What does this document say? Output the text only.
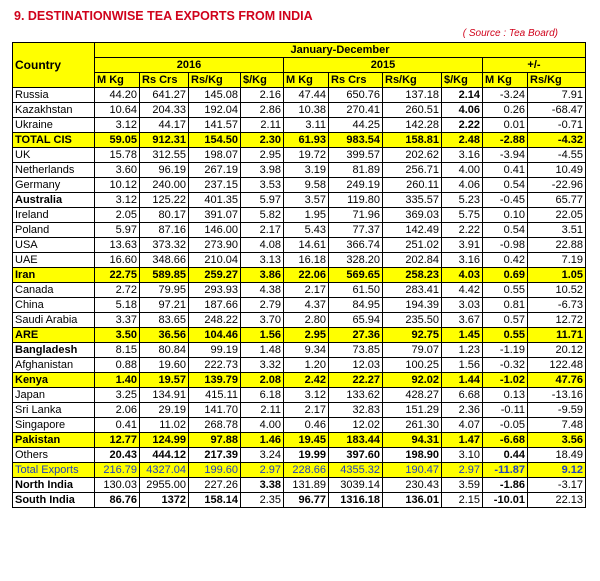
9. DESTINATIONWISE TEA EXPORTS FROM INDIA
( Source : Tea Board)
Country	January-December									
	2016				2015				+/-	
	M Kg	Rs Crs	Rs/Kg	$/Kg	M Kg	Rs Crs	Rs/Kg	$/Kg	M Kg	Rs/Kg
Russia	44.20	641.27	145.08	2.16	47.44	650.76	137.18	2.14	-3.24	7.91
Kazakhstan	10.64	204.33	192.04	2.86	10.38	270.41	260.51	4.06	0.26	-68.47
Ukraine	3.12	44.17	141.57	2.11	3.11	44.25	142.28	2.22	0.01	-0.71
TOTAL CIS	59.05	912.31	154.50	2.30	61.93	983.54	158.81	2.48	-2.88	-4.32
UK	15.78	312.55	198.07	2.95	19.72	399.57	202.62	3.16	-3.94	-4.55
Netherlands	3.60	96.19	267.19	3.98	3.19	81.89	256.71	4.00	0.41	10.49
Germany	10.12	240.00	237.15	3.53	9.58	249.19	260.11	4.06	0.54	-22.96
Australia	3.12	125.22	401.35	5.97	3.57	119.80	335.57	5.23	-0.45	65.77
Ireland	2.05	80.17	391.07	5.82	1.95	71.96	369.03	5.75	0.10	22.05
Poland	5.97	87.16	146.00	2.17	5.43	77.37	142.49	2.22	0.54	3.51
USA	13.63	373.32	273.90	4.08	14.61	366.74	251.02	3.91	-0.98	22.88
UAE	16.60	348.66	210.04	3.13	16.18	328.20	202.84	3.16	0.42	7.19
Iran	22.75	589.85	259.27	3.86	22.06	569.65	258.23	4.03	0.69	1.05
Canada	2.72	79.95	293.93	4.38	2.17	61.50	283.41	4.42	0.55	10.52
China	5.18	97.21	187.66	2.79	4.37	84.95	194.39	3.03	0.81	-6.73
Saudi Arabia	3.37	83.65	248.22	3.70	2.80	65.94	235.50	3.67	0.57	12.72
ARE	3.50	36.56	104.46	1.56	2.95	27.36	92.75	1.45	0.55	11.71
Bangladesh	8.15	80.84	99.19	1.48	9.34	73.85	79.07	1.23	-1.19	20.12
Afghanistan	0.88	19.60	222.73	3.32	1.20	12.03	100.25	1.56	-0.32	122.48
Kenya	1.40	19.57	139.79	2.08	2.42	22.27	92.02	1.44	-1.02	47.76
Japan	3.25	134.91	415.11	6.18	3.12	133.62	428.27	6.68	0.13	-13.16
Sri Lanka	2.06	29.19	141.70	2.11	2.17	32.83	151.29	2.36	-0.11	-9.59
Singapore	0.41	11.02	268.78	4.00	0.46	12.02	261.30	4.07	-0.05	7.48
Pakistan	12.77	124.99	97.88	1.46	19.45	183.44	94.31	1.47	-6.68	3.56
Others	20.43	444.12	217.39	3.24	19.99	397.60	198.90	3.10	0.44	18.49
Total Exports	216.79	4327.04	199.60	2.97	228.66	4355.32	190.47	2.97	-11.87	9.12
North India	130.03	2955.00	227.26	3.38	131.89	3039.14	230.43	3.59	-1.86	-3.17
South India	86.76	1372	158.14	2.35	96.77	1316.18	136.01	2.15	-10.01	22.13
